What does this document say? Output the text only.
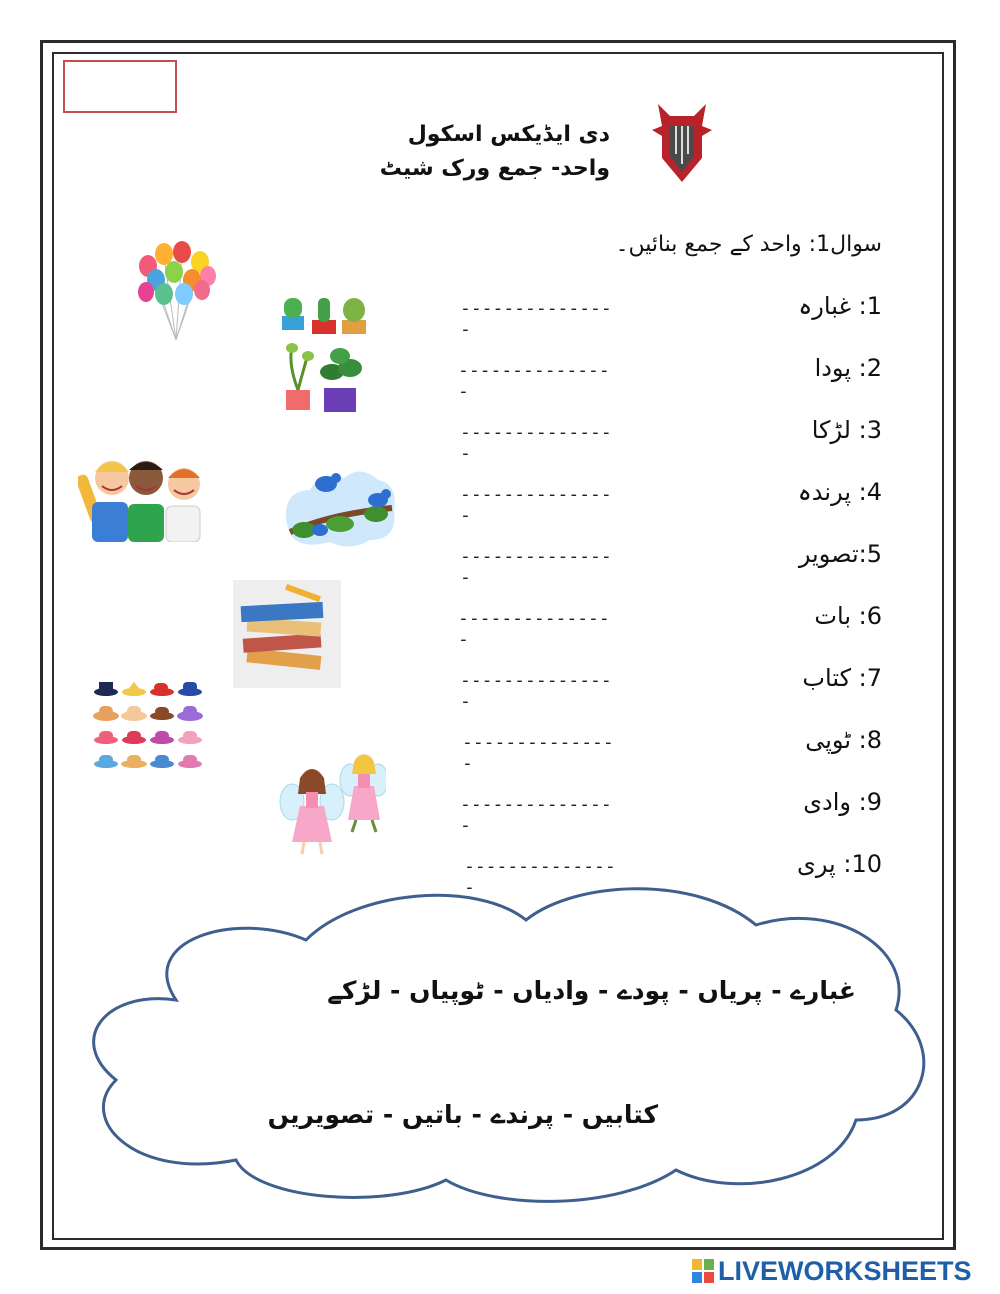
دی ایڈیکس اسکول
واحد- جمع ورک شیٹ
سوال1: واحد کے جمع بنائیں۔
1: غبارہ
---------------
2: پودا
---------------
3: لڑکا
---------------
4: پرندہ
---------------
5:تصویر
---------------
6: بات
---------------
7: کتاب
---------------
8: ٹوپی
---------------
9: وادی
---------------
10: پری
---------------
غبارے - پریاں - پودے - وادیاں - ٹوپیاں - لڑکے
کتابیں - پرندے - باتیں - تصویریں
LIVEWORKSHEETS
